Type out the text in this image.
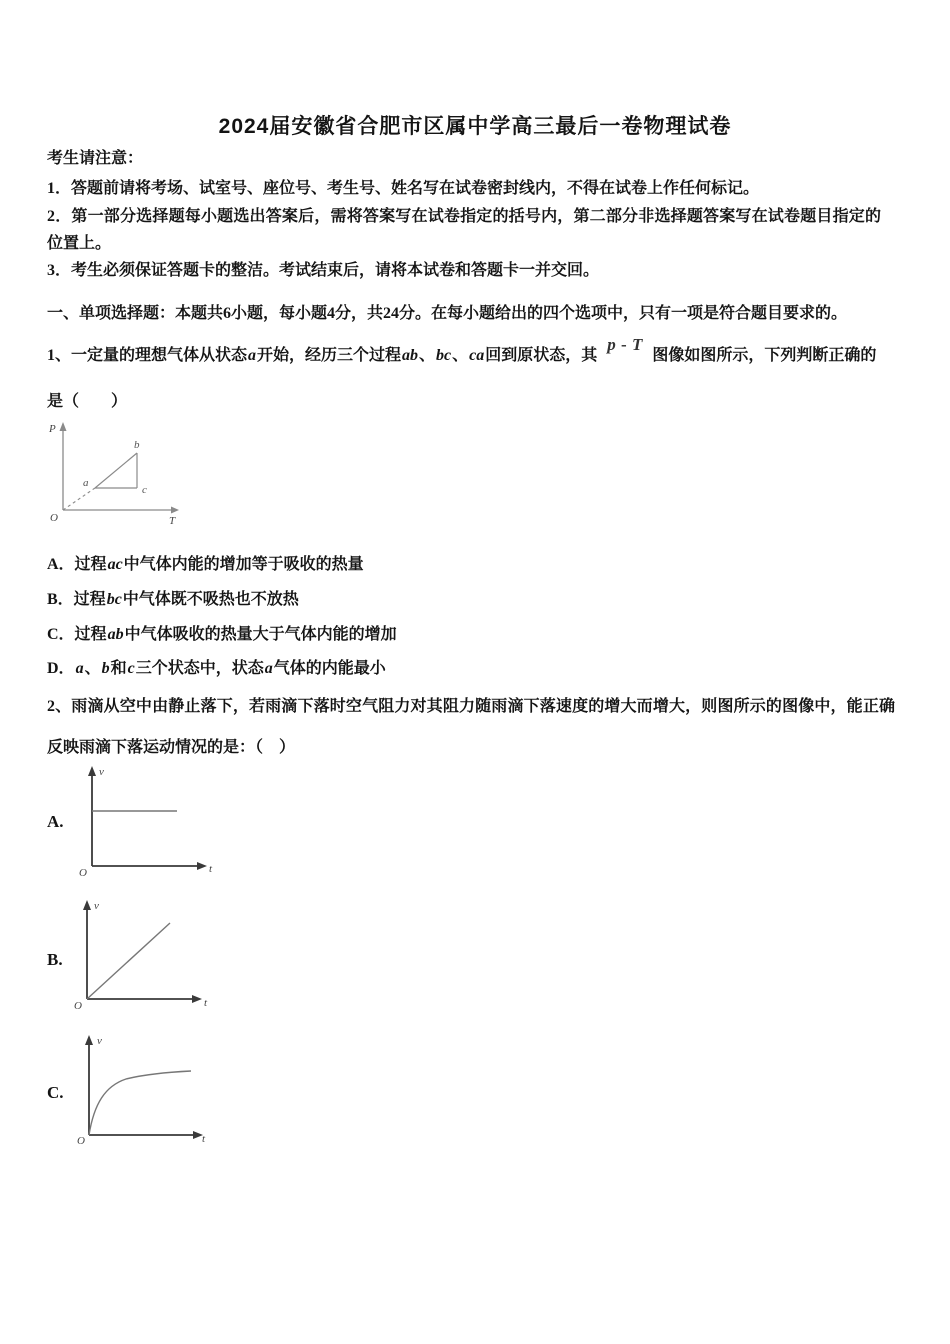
2024届安徽省合肥市区属中学高三最后一卷物理试卷
考生请注意：
1．答题前请将考场、试室号、座位号、考生号、姓名写在试卷密封线内，不得在试卷上作任何标记。
2．第一部分选择题每小题选出答案后，需将答案写在试卷指定的括号内，第二部分非选择题答案写在试卷题目指定的位置上。
3．考生必须保证答题卡的整洁。考试结束后，请将本试卷和答题卡一并交回。
一、单项选择题：本题共6小题，每小题4分，共24分。在每小题给出的四个选项中，只有一项是符合题目要求的。
1、一定量的理想气体从状态a开始，经历三个过程ab、bc、ca回到原状态，其p - T图像如图所示，下列判断正确的
是（　　）
P
T
O
a
b
c
A．过程ac中气体内能的增加等于吸收的热量
B．过程bc中气体既不吸热也不放热
C．过程ab中气体吸收的热量大于气体内能的增加
D．a、b和c三个状态中，状态a气体的内能最小
2、雨滴从空中由静止落下，若雨滴下落时空气阻力对其阻力随雨滴下落速度的增大而增大，则图所示的图像中，能正确反映雨滴下落运动情况的是：（　）
A.
v
t
O
B.
v
t
O
C.
v
t
O
